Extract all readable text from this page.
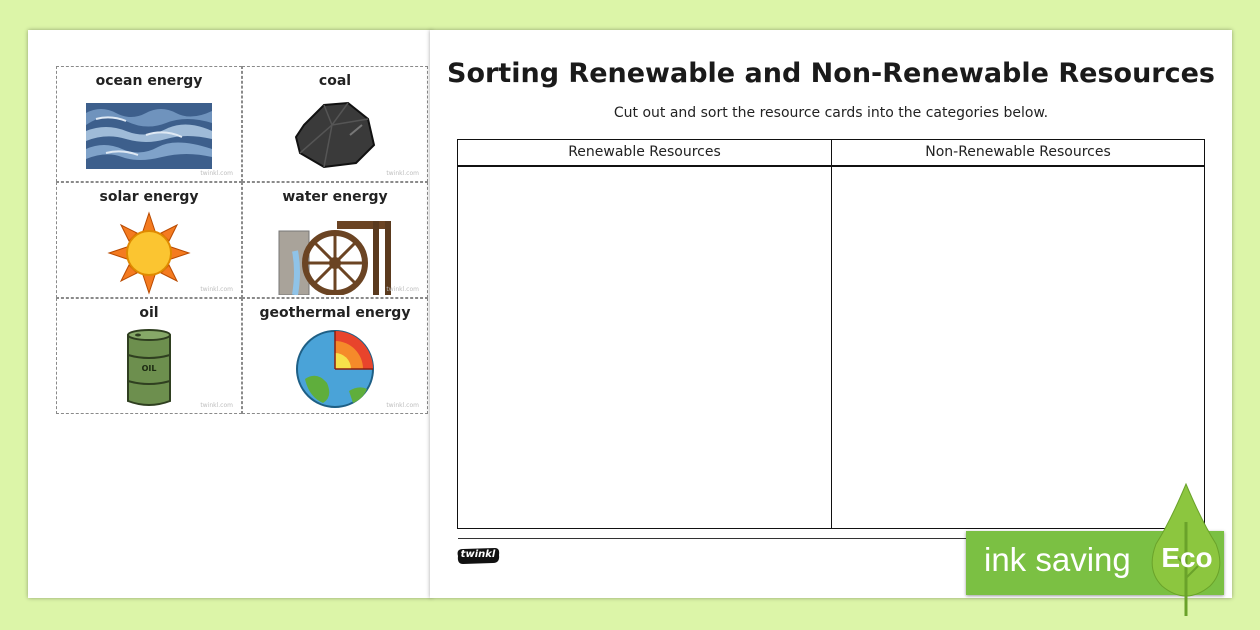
ocean energy
twinkl.com
coal
twinkl.com
solar energy
twinkl.com
water energy
twinkl.com
oil
OIL
twinkl.com
geothermal energy
twinkl.com
Sorting Renewable and Non-Renewable Resources
Cut out and sort the resource cards into the categories below.
Renewable Resources	Non-Renewable Resources
twinkl	ink saving Eco
